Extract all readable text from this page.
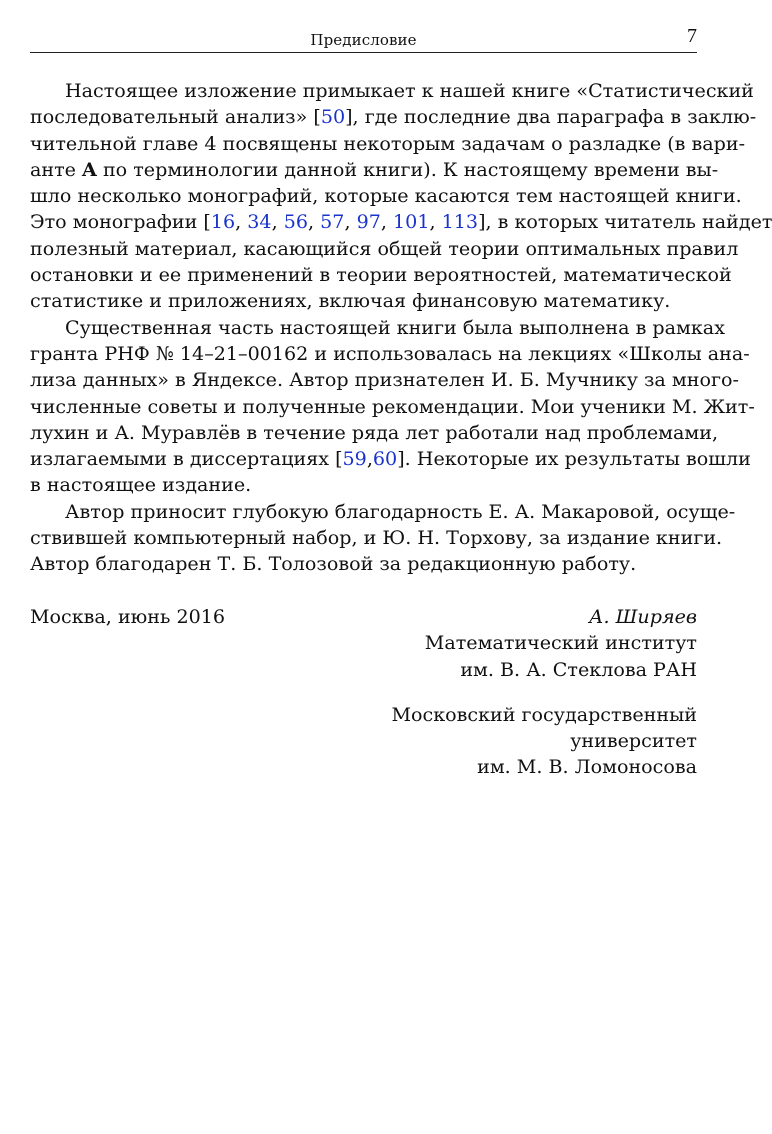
Предисловие	7
Настоящее изложение примыкает к нашей книге «Статистический
последовательный анализ» [50], где последние два параграфа в заклю-
чительной главе 4 посвящены некоторым задачам о разладке (в вари-
анте A по терминологии данной книги). К настоящему времени вы-
шло несколько монографий, которые касаются тем настоящей книги.
Это монографии [16, 34, 56, 57, 97, 101, 113], в которых читатель найдет
полезный материал, касающийся общей теории оптимальных правил
остановки и ее применений в теории вероятностей, математической
статистике и приложениях, включая финансовую математику.
Существенная часть настоящей книги была выполнена в рамках
гранта РНФ № 14–21–00162 и использовалась на лекциях «Школы ана-
лиза данных» в Яндексе. Автор признателен И. Б. Мучнику за много-
численные советы и полученные рекомендации. Мои ученики М. Жит-
лухин и А. Муравлёв в течение ряда лет работали над проблемами,
излагаемыми в диссертациях [59,60]. Некоторые их результаты вошли
в настоящее издание.
Автор приносит глубокую благодарность Е. А. Макаровой, осуще-
ствившей компьютерный набор, и Ю. Н. Торхову, за издание книги.
Автор благодарен Т. Б. Толозовой за редакционную работу.
Москва, июнь 2016	А. Ширяев
Математический институт
им. В. А. Стеклова РАН
Московский государственный
университет
им. М. В. Ломоносова
